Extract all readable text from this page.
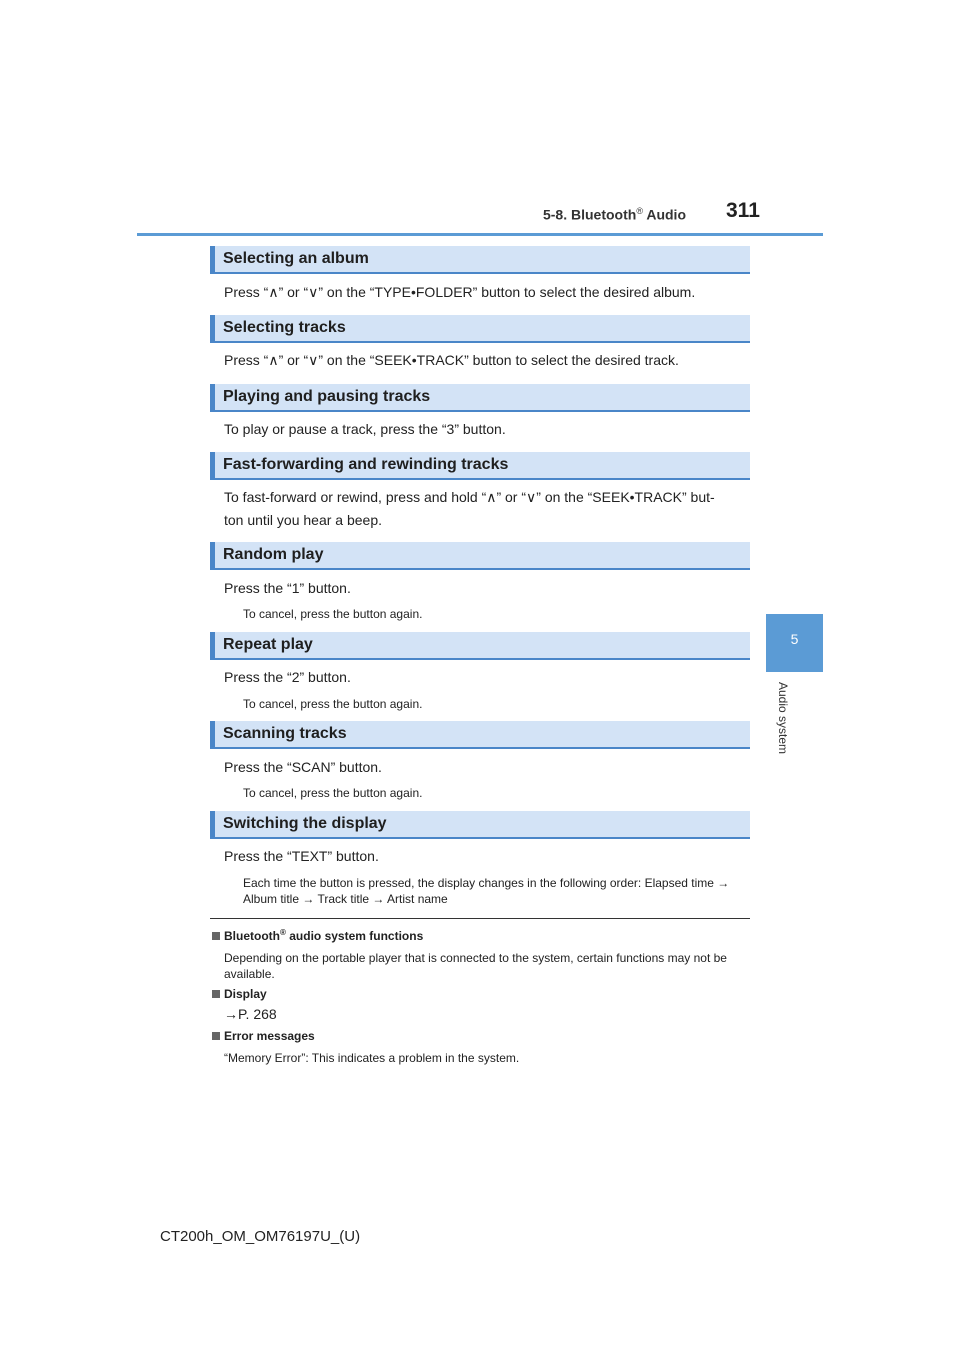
5-8. Bluetooth® Audio 311
5
Audio system
Selecting an album
Press “∧” or “∨” on the “TYPE•FOLDER” button to select the desired album.
Selecting tracks
Press “∧” or “∨” on the “SEEK•TRACK” button to select the desired track.
Playing and pausing tracks
To play or pause a track, press the “3” button.
Fast-forwarding and rewinding tracks
To fast-forward or rewind, press and hold “∧” or “∨” on the “SEEK•TRACK” but-
ton until you hear a beep.
Random play
Press the “1” button.
To cancel, press the button again.
Repeat play
Press the “2” button.
To cancel, press the button again.
Scanning tracks
Press the “SCAN” button.
To cancel, press the button again.
Switching the display
Press the “TEXT” button.
Each time the button is pressed, the display changes in the following order: Elapsed time → Album title → Track title → Artist name
Bluetooth® audio system functions
Depending on the portable player that is connected to the system, certain functions may not be available.
Display
→P. 268
Error messages
“Memory Error”: This indicates a problem in the system.
CT200h_OM_OM76197U_(U)
